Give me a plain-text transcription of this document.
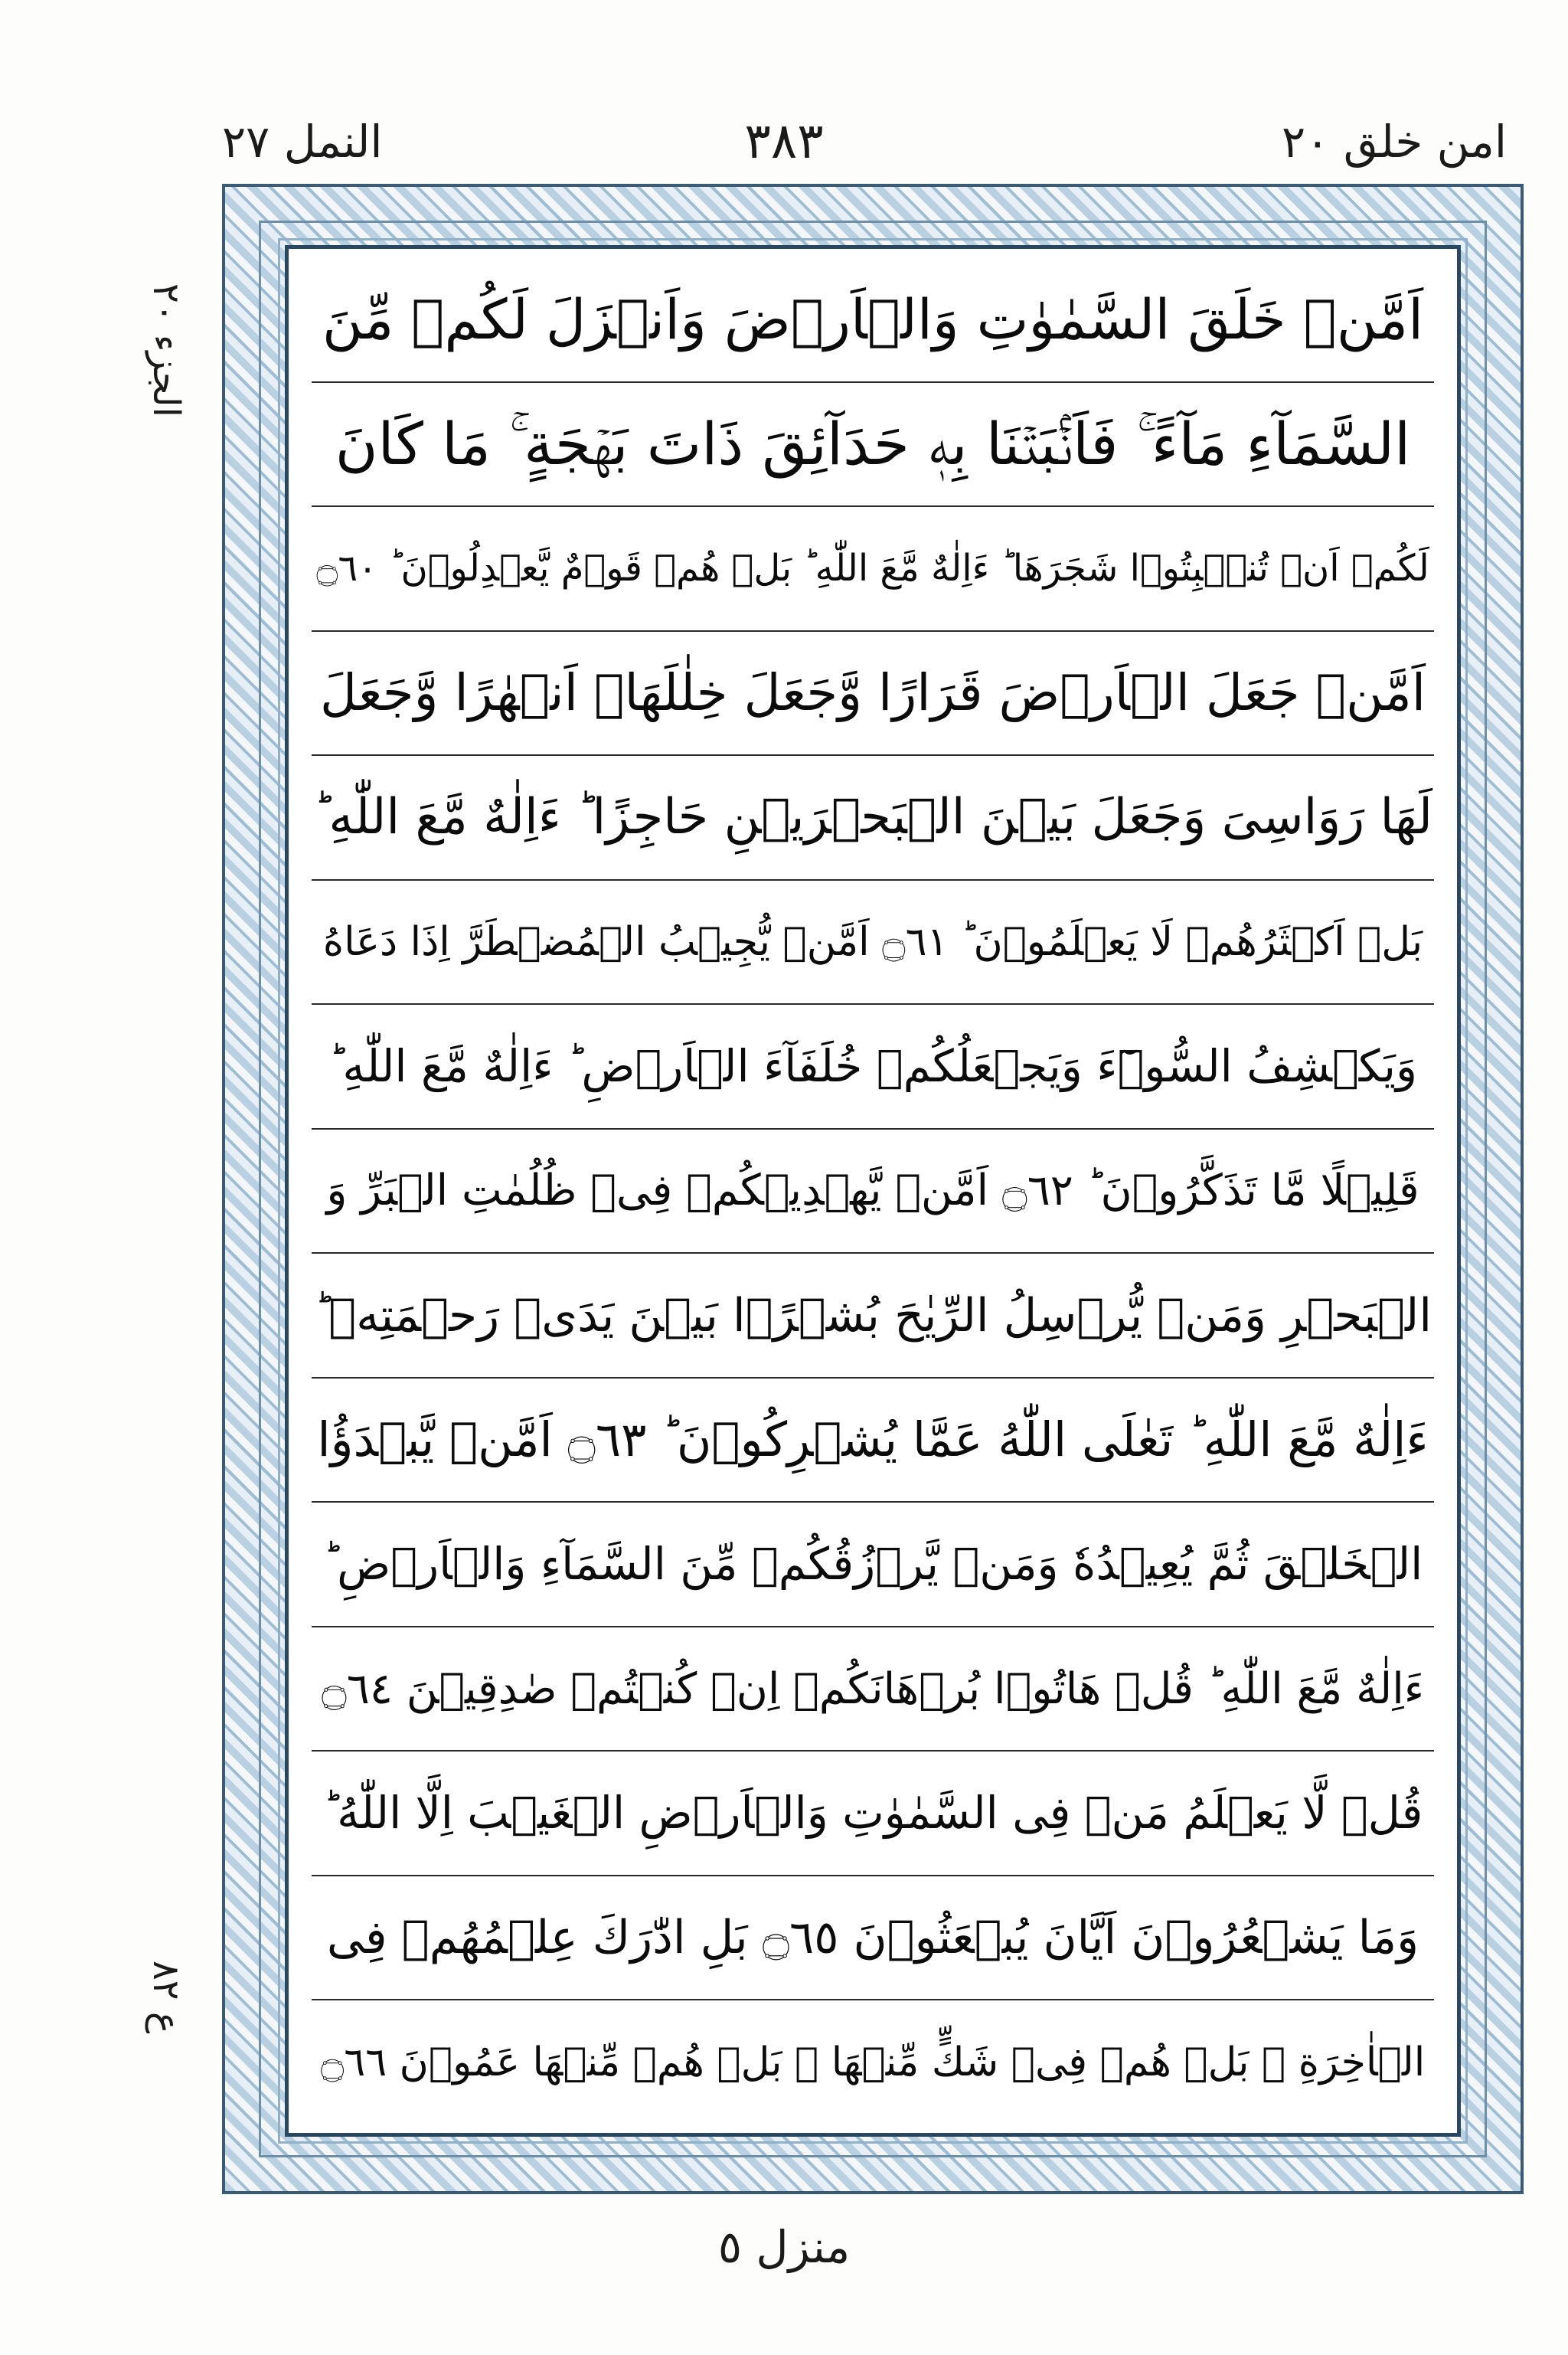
امن خلق ٢٠
٣٨٣
النمل ٢٧
الجزء ٢٠
ع ٨٢
اَمَّنۡ خَلَقَ السَّمٰوٰتِ وَالۡاَرۡضَ وَاَنۡزَلَ لَكُمۡ مِّنَ
السَّمَآءِ مَآءً ۚ فَاَنۡۢبَتۡنَا بِهٖ حَدَآئِقَ ذَاتَ بَهۡجَةٍ ۚ مَا كَانَ
لَكُمۡ اَنۡ تُنۡۢبِتُوۡا شَجَرَهَا ؕ ءَاِلٰهٌ مَّعَ اللّٰهِ ؕ بَلۡ هُمۡ قَوۡمٌ يَّعۡدِلُوۡنَ ؕ ۝٦٠
اَمَّنۡ جَعَلَ الۡاَرۡضَ قَرَارًا وَّجَعَلَ خِلٰلَهَاۤ اَنۡهٰرًا وَّجَعَلَ
لَهَا رَوَاسِىَ وَجَعَلَ بَيۡنَ الۡبَحۡرَيۡنِ حَاجِزًا ؕ ءَاِلٰهٌ مَّعَ اللّٰهِ ؕ
بَلۡ اَكۡثَرُهُمۡ لَا يَعۡلَمُوۡنَ ؕ ۝٦١ اَمَّنۡ يُّجِيۡبُ الۡمُضۡطَرَّ اِذَا دَعَاهُ
وَيَكۡشِفُ السُّوۡٓءَ وَيَجۡعَلُكُمۡ خُلَفَآءَ الۡاَرۡضِ ؕ ءَاِلٰهٌ مَّعَ اللّٰهِ ؕ
قَلِيۡلًا مَّا تَذَكَّرُوۡنَ ؕ ۝٦٢ اَمَّنۡ يَّهۡدِيۡكُمۡ فِىۡ ظُلُمٰتِ الۡبَرِّ وَ
الۡبَحۡرِ وَمَنۡ يُّرۡسِلُ الرِّيٰحَ بُشۡرًۢا بَيۡنَ يَدَىۡ رَحۡمَتِهٖ ؕ
ءَاِلٰهٌ مَّعَ اللّٰهِ ؕ تَعٰلَى اللّٰهُ عَمَّا يُشۡرِكُوۡنَ ؕ ۝٦٣ اَمَّنۡ يَّبۡدَؤُا
الۡخَلۡقَ ثُمَّ يُعِيۡدُهٗ وَمَنۡ يَّرۡزُقُكُمۡ مِّنَ السَّمَآءِ وَالۡاَرۡضِ ؕ
ءَاِلٰهٌ مَّعَ اللّٰهِ ؕ قُلۡ هَاتُوۡا بُرۡهَانَكُمۡ اِنۡ كُنۡتُمۡ صٰدِقِيۡنَ ۝٦٤
قُلۡ لَّا يَعۡلَمُ مَنۡ فِى السَّمٰوٰتِ وَالۡاَرۡضِ الۡغَيۡبَ اِلَّا اللّٰهُ ؕ
وَمَا يَشۡعُرُوۡنَ اَيَّانَ يُبۡعَثُوۡنَ ۝٦٥ بَلِ ادّٰرَكَ عِلۡمُهُمۡ فِى
الۡاٰخِرَةِ ۚ بَلۡ هُمۡ فِىۡ شَكٍّ مِّنۡهَا ۚ بَلۡ هُمۡ مِّنۡهَا عَمُوۡنَ ۝٦٦
منزل ٥
